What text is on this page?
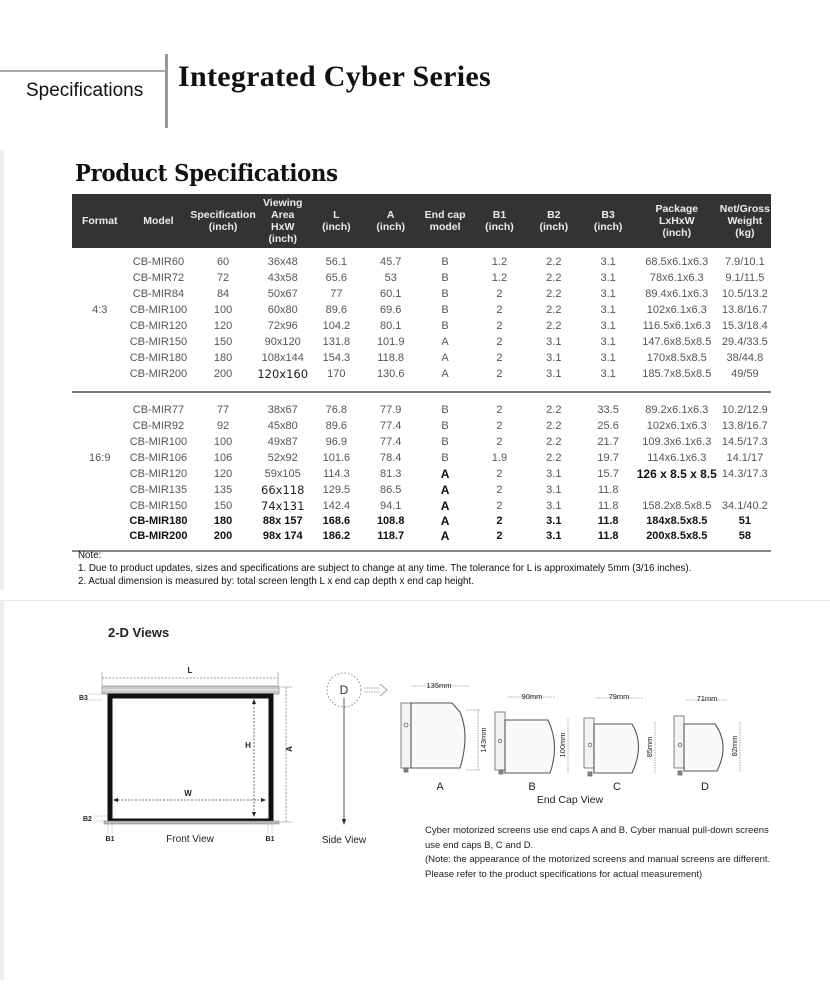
Specifications Integrated Cyber Series
Product Specifications
Format	Model	Specification
(inch)

Viewing
Area
HxW
(inch)

L
(inch)

A
(inch)

End cap
model

B1
(inch)

B2
(inch)

B3
(inch)

Package
LxHxW
(inch)

Net/Gross
Weight
(kg)

	CB-MIR60	60	36x48	56.1	45.7	B	1.2	2.2	3.1	68.5x6.1x6.3	7.9/10.1
	CB-MIR72	72	43x58	65.6	53	B	1.2	2.2	3.1	78x6.1x6.3	9.1/11.5
	CB-MIR84	84	50x67	77	60.1	B	2	2.2	3.1	89.4x6.1x6.3	10.5/13.2
4:3	CB-MIR100	100	60x80	89.6	69.6	B	2	2.2	3.1	102x6.1x6.3	13.8/16.7
	CB-MIR120	120	72x96	104.2	80.1	B	2	2.2	3.1	116.5x6.1x6.3	15.3/18.4
	CB-MIR150	150	90x120	131.8	101.9	A	2	3.1	3.1	147.6x8.5x8.5	29.4/33.5
	CB-MIR180	180	108x144	154.3	118.8	A	2	3.1	3.1	170x8.5x8.5	38/44.8
	CB-MIR200	200	120x160	170	130.6	A	2	3.1	3.1	185.7x8.5x8.5	49/59

	CB-MIR77	77	38x67	76.8	77.9	B	2	2.2	33.5	89.2x6.1x6.3	10.2/12.9
	CB-MIR92	92	45x80	89.6	77.4	B	2	2.2	25.6	102x6.1x6.3	13.8/16.7
	CB-MIR100	100	49x87	96.9	77.4	B	2	2.2	21.7	109.3x6.1x6.3	14.5/17.3
16:9	CB-MIR106	106	52x92	101.6	78.4	B	1.9	2.2	19.7	114x6.1x6.3	14.1/17
	CB-MIR120	120	59x105	114.3	81.3	A	2	3.1	15.7	126 x 8.5 x 8.5	14.3/17.3
	CB-MIR135	135	66x118	129.5	86.5	A	2	3.1	11.8		
	CB-MIR150	150	74x131	142.4	94.1	A	2	3.1	11.8	158.2x8.5x8.5	34.1/40.2
	CB-MIR180	180	88x 157	168.6	108.8	A	2	3.1	11.8	184x8.5x8.5	51
	CB-MIR200	200	98x 174	186.2	118.7	A	2	3.1	11.8	200x8.5x8.5	58

Note:
1. Due to product updates, sizes and specifications are subject to change at any time. The tolerance for L is approximately 5mm (3/16 inches).
2. Actual dimension is measured by: total screen length L x end cap depth x end cap height.
2-D Views
L
B3
H
W
A
B2
B1	B1
Front View
D
Side View
135mm
143mm
90mm
100mm
79mm
85mm
71mm
82mm
A	B	C	D
End Cap View
Cyber motorized screens use end caps A and B. Cyber manual pull-down screens
use end caps B, C and D.
(Note: the appearance of the motorized screens and manual screens are different.
Please refer to the product specifications for actual measurement)
